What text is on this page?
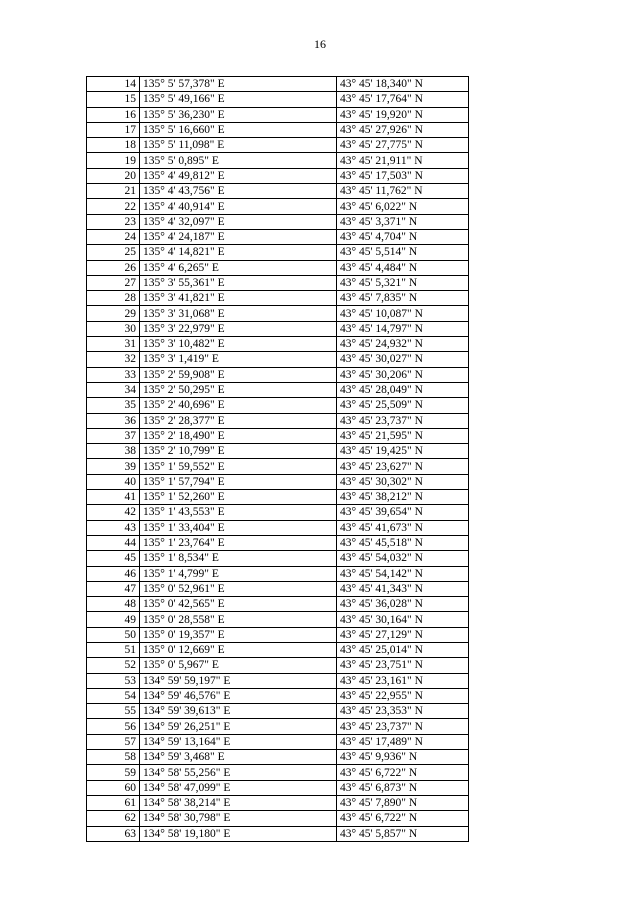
16
14	135° 5' 57,378" E	43° 45' 18,340" N
15	135° 5' 49,166" E	43° 45' 17,764" N
16	135° 5' 36,230" E	43° 45' 19,920" N
17	135° 5' 16,660" E	43° 45' 27,926" N
18	135° 5' 11,098" E	43° 45' 27,775" N
19	135° 5' 0,895" E	43° 45' 21,911" N
20	135° 4' 49,812" E	43° 45' 17,503" N
21	135° 4' 43,756" E	43° 45' 11,762" N
22	135° 4' 40,914" E	43° 45' 6,022" N
23	135° 4' 32,097" E	43° 45' 3,371" N
24	135° 4' 24,187" E	43° 45' 4,704" N
25	135° 4' 14,821" E	43° 45' 5,514" N
26	135° 4' 6,265" E	43° 45' 4,484" N
27	135° 3' 55,361" E	43° 45' 5,321" N
28	135° 3' 41,821" E	43° 45' 7,835" N
29	135° 3' 31,068" E	43° 45' 10,087" N
30	135° 3' 22,979" E	43° 45' 14,797" N
31	135° 3' 10,482" E	43° 45' 24,932" N
32	135° 3' 1,419" E	43° 45' 30,027" N
33	135° 2' 59,908" E	43° 45' 30,206" N
34	135° 2' 50,295" E	43° 45' 28,049" N
35	135° 2' 40,696" E	43° 45' 25,509" N
36	135° 2' 28,377" E	43° 45' 23,737" N
37	135° 2' 18,490" E	43° 45' 21,595" N
38	135° 2' 10,799" E	43° 45' 19,425" N
39	135° 1' 59,552" E	43° 45' 23,627" N
40	135° 1' 57,794" E	43° 45' 30,302" N
41	135° 1' 52,260" E	43° 45' 38,212" N
42	135° 1' 43,553" E	43° 45' 39,654" N
43	135° 1' 33,404" E	43° 45' 41,673" N
44	135° 1' 23,764" E	43° 45' 45,518" N
45	135° 1' 8,534" E	43° 45' 54,032" N
46	135° 1' 4,799" E	43° 45' 54,142" N
47	135° 0' 52,961" E	43° 45' 41,343" N
48	135° 0' 42,565" E	43° 45' 36,028" N
49	135° 0' 28,558" E	43° 45' 30,164" N
50	135° 0' 19,357" E	43° 45' 27,129" N
51	135° 0' 12,669" E	43° 45' 25,014" N
52	135° 0' 5,967" E	43° 45' 23,751" N
53	134° 59' 59,197" E	43° 45' 23,161" N
54	134° 59' 46,576" E	43° 45' 22,955" N
55	134° 59' 39,613" E	43° 45' 23,353" N
56	134° 59' 26,251" E	43° 45' 23,737" N
57	134° 59' 13,164" E	43° 45' 17,489" N
58	134° 59' 3,468" E	43° 45' 9,936" N
59	134° 58' 55,256" E	43° 45' 6,722" N
60	134° 58' 47,099" E	43° 45' 6,873" N
61	134° 58' 38,214" E	43° 45' 7,890" N
62	134° 58' 30,798" E	43° 45' 6,722" N
63	134° 58' 19,180" E	43° 45' 5,857" N
